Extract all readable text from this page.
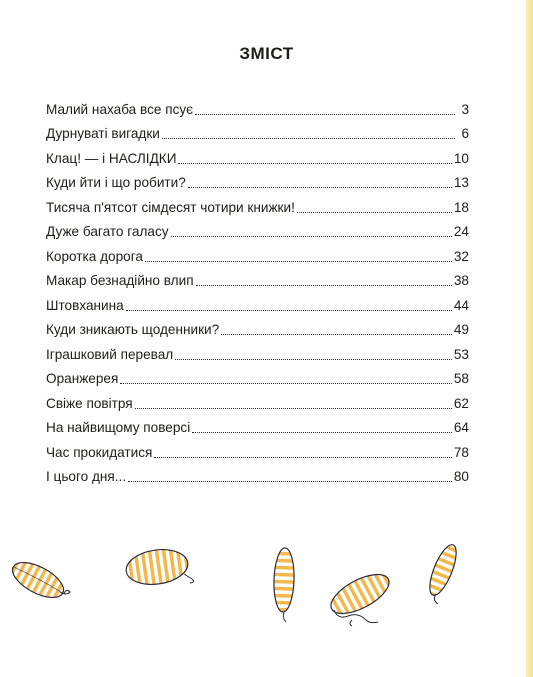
ЗМІСТ
Малий нахаба все псує	3
Дурнуваті вигадки	6
Клац! — і НАСЛІДКИ	10
Куди йти і що робити?	13
Тисяча п'ятсот сімдесят чотири книжки!	18
Дуже багато галасу	24
Коротка дорога	32
Макар безнадійно влип	38
Штовханина	44
Куди зникають щоденники?	49
Іграшковий перевал	53
Оранжерея	58
Свіже повітря	62
На найвищому поверсі	64
Час прокидатися	78
І цього дня...	80
